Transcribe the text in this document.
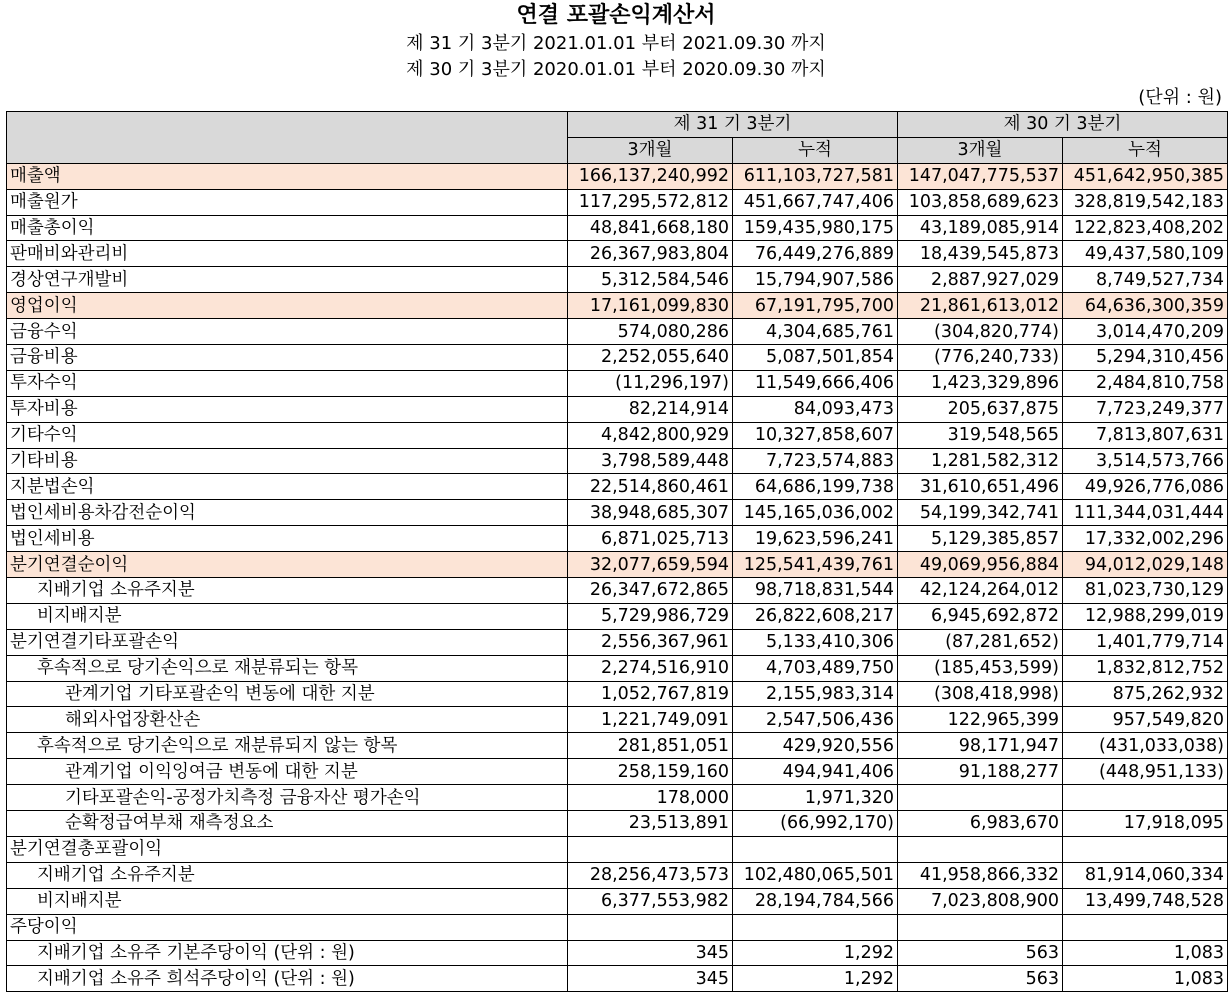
연결 포괄손익계산서
제 31 기 3분기 2021.01.01 부터 2021.09.30 까지
제 30 기 3분기 2020.01.01 부터 2020.09.30 까지
(단위 : 원)
	제 31 기 3분기		제 30 기 3분기	
	3개월	누적	3개월	누적
매출액	166,137,240,992	611,103,727,581	147,047,775,537	451,642,950,385
매출원가	117,295,572,812	451,667,747,406	103,858,689,623	328,819,542,183
매출총이익	48,841,668,180	159,435,980,175	43,189,085,914	122,823,408,202
판매비와관리비	26,367,983,804	76,449,276,889	18,439,545,873	49,437,580,109
경상연구개발비	5,312,584,546	15,794,907,586	2,887,927,029	8,749,527,734
영업이익	17,161,099,830	67,191,795,700	21,861,613,012	64,636,300,359
금융수익	574,080,286	4,304,685,761	(304,820,774)	3,014,470,209
금융비용	2,252,055,640	5,087,501,854	(776,240,733)	5,294,310,456
투자수익	(11,296,197)	11,549,666,406	1,423,329,896	2,484,810,758
투자비용	82,214,914	84,093,473	205,637,875	7,723,249,377
기타수익	4,842,800,929	10,327,858,607	319,548,565	7,813,807,631
기타비용	3,798,589,448	7,723,574,883	1,281,582,312	3,514,573,766
지분법손익	22,514,860,461	64,686,199,738	31,610,651,496	49,926,776,086
법인세비용차감전순이익	38,948,685,307	145,165,036,002	54,199,342,741	111,344,031,444
법인세비용	6,871,025,713	19,623,596,241	5,129,385,857	17,332,002,296
분기연결순이익	32,077,659,594	125,541,439,761	49,069,956,884	94,012,029,148
지배기업 소유주지분	26,347,672,865	98,718,831,544	42,124,264,012	81,023,730,129
비지배지분	5,729,986,729	26,822,608,217	6,945,692,872	12,988,299,019
분기연결기타포괄손익	2,556,367,961	5,133,410,306	(87,281,652)	1,401,779,714
후속적으로 당기손익으로 재분류되는 항목	2,274,516,910	4,703,489,750	(185,453,599)	1,832,812,752
관계기업 기타포괄손익 변동에 대한 지분	1,052,767,819	2,155,983,314	(308,418,998)	875,262,932
해외사업장환산손	1,221,749,091	2,547,506,436	122,965,399	957,549,820
후속적으로 당기손익으로 재분류되지 않는 항목	281,851,051	429,920,556	98,171,947	(431,033,038)
관계기업 이익잉여금 변동에 대한 지분	258,159,160	494,941,406	91,188,277	(448,951,133)
기타포괄손익-공정가치측정 금융자산 평가손익	178,000	1,971,320		
순확정급여부채 재측정요소	23,513,891	(66,992,170)	6,983,670	17,918,095
분기연결총포괄이익				
지배기업 소유주지분	28,256,473,573	102,480,065,501	41,958,866,332	81,914,060,334
비지배지분	6,377,553,982	28,194,784,566	7,023,808,900	13,499,748,528
주당이익				
지배기업 소유주 기본주당이익 (단위 : 원)	345	1,292	563	1,083
지배기업 소유주 희석주당이익 (단위 : 원)	345	1,292	563	1,083
